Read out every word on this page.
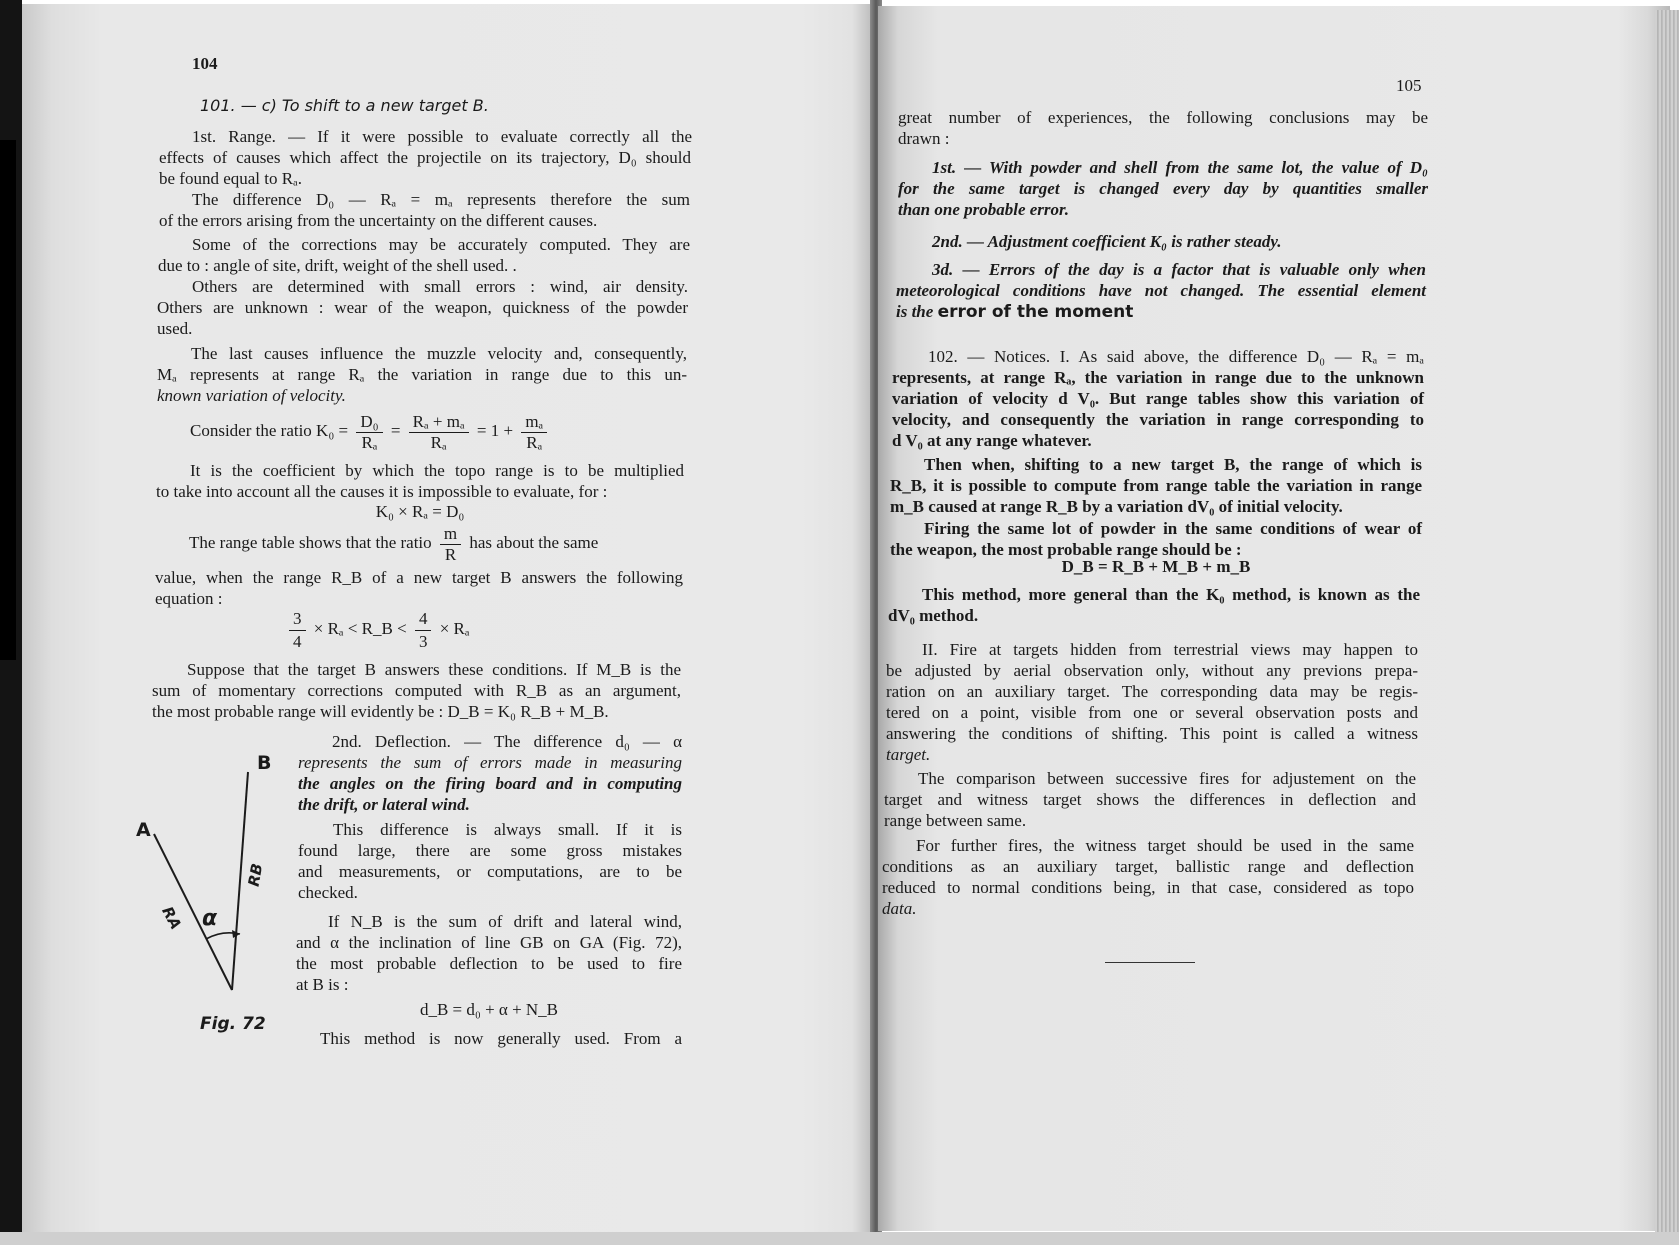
104
101. — c) To shift to a new target B.
1st. Range. — If it were possible to evaluate correctly all the
effects of causes which affect the projectile on its trajectory, D₀ should
be found equal to Rₐ.
The difference D₀ — Rₐ = mₐ represents therefore the sum
of the errors arising from the uncertainty on the different causes.
Some of the corrections may be accurately computed. They are
due to : angle of site, drift, weight of the shell used. .
Others are determined with small errors : wind, air density.
Others are unknown : wear of the weapon, quickness of the powder
used.
The last causes influence the muzzle velocity and, consequently,
Mₐ represents at range Rₐ the variation in range due to this un-
known variation of velocity.
Consider the ratio $K_0 = \frac{\text{D₀}}{\text{Rₐ}} = \frac{\text{Rₐ + mₐ}}{\text{Rₐ}} = 1 + \frac{\text{mₐ}}{\text{Rₐ}}$
It is the coefficient by which the topo range is to be multiplied
to take into account all the causes it is impossible to evaluate, for :
K₀ × Rₐ = D₀
The range table shows that the ratio $\frac{m}{R}$ has about the same
value, when the range R_B of a new target B answers the following
equation :
$\frac{3}{4} \times R_a$ < R_B < $\frac{4}{3} \times R_a$
Suppose that the target B answers these conditions. If M_B is the
sum of momentary corrections computed with R_B as an argument,
the most probable range will evidently be : D_B = K₀ R_B + M_B.
2nd. Deflection. — The difference d₀ — α
represents the sum of errors made in measuring
the angles on the firing board and in computing
the drift, or lateral wind.
This difference is always small. If it is
found large, there are some gross mistakes
and measurements, or computations, are to be
checked.
If N_B is the sum of drift and lateral wind,
and α the inclination of line GB on GA (Fig. 72),
the most probable deflection to be used to fire
at B is :
d_B = d₀ + α + N_B
This method is now generally used. From a
B
A
RB
RA α
Fig. 72
105
great number of experiences, the following conclusions may be
drawn :
1st. — With powder and shell from the same lot, the value of D₀
for the same target is changed every day by quantities smaller
than one probable error.
2nd. — Adjustment coefficient K₀ is rather steady.
3d. — Errors of the day is a factor that is valuable only when
meteorological conditions have not changed. The essential element
is the error of the moment
102. — Notices. I. As said above, the difference D₀ — Rₐ = mₐ
represents, at range Rₐ, the variation in range due to the unknown
variation of velocity d V₀. But range tables show this variation of
velocity, and consequently the variation in range corresponding to
d V₀ at any range whatever.
Then when, shifting to a new target B, the range of which is
R_B, it is possible to compute from range table the variation in range
m_B caused at range R_B by a variation dV₀ of initial velocity.
Firing the same lot of powder in the same conditions of wear of
the weapon, the most probable range should be :
D_B = R_B + M_B + m_B
This method, more general than the K₀ method, is known as the
dV₀ method.
II. Fire at targets hidden from terrestrial views may happen to
be adjusted by aerial observation only, without any previons prepa-
ration on an auxiliary target. The corresponding data may be regis-
tered on a point, visible from one or several observation posts and
answering the conditions of shifting. This point is called a witness
target.
The comparison between successive fires for adjustement on the
target and witness target shows the differences in deflection and
range between same.
For further fires, the witness target should be used in the same
conditions as an auxiliary target, ballistic range and deflection
reduced to normal conditions being, in that case, considered as topo
data.
